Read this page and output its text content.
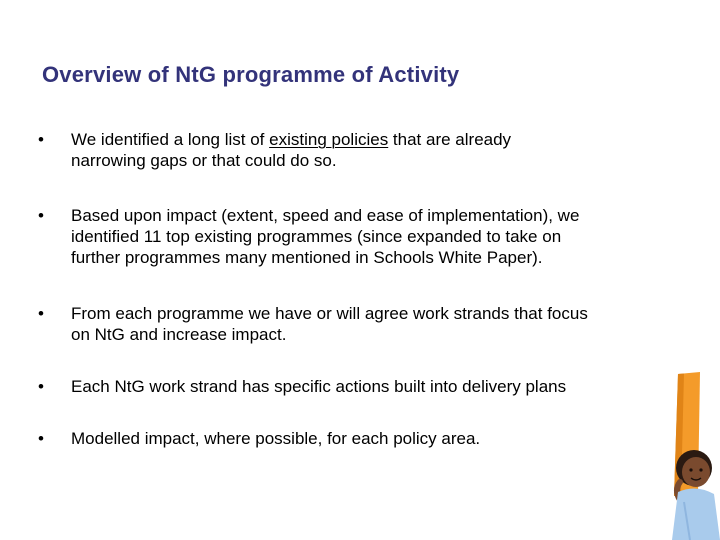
Overview of NtG programme of Activity
• We identified a long list of existing policies that are already
narrowing gaps or that could do so.
• Based upon impact (extent, speed and ease of implementation), we
identified 11 top existing programmes (since expanded to take on
further programmes many mentioned in Schools White Paper).
• From each programme we have or will agree work strands that focus
on NtG and increase impact.
• Each NtG work strand has specific actions built into delivery plans
• Modelled impact, where possible, for each policy area.
